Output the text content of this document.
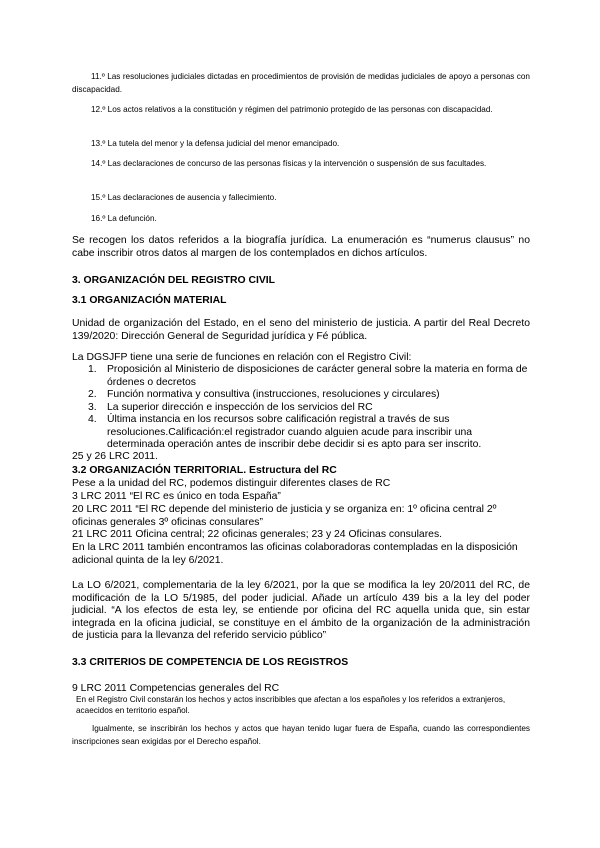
11.º Las resoluciones judiciales dictadas en procedimientos de provisión de medidas judiciales de apoyo a personas con discapacidad.

12.º Los actos relativos a la constitución y régimen del patrimonio protegido de las personas con discapacidad.

13.º La tutela del menor y la defensa judicial del menor emancipado.

14.º Las declaraciones de concurso de las personas físicas y la intervención o suspensión de sus facultades.

15.º Las declaraciones de ausencia y fallecimiento.

16.º La defunción.

Se recogen los datos referidos a la biografía jurídica. La enumeración es “numerus clausus” no cabe inscribir otros datos al margen de los contemplados en dichos artículos.

3. ORGANIZACIÓN DEL REGISTRO CIVIL

3.1 ORGANIZACIÓN MATERIAL

Unidad de organización del Estado, en el seno del ministerio de justicia. A partir del Real Decreto 139/2020: Dirección General de Seguridad jurídica y Fé pública.

La DGSJFP tiene una serie de funciones en relación con el Registro Civil:

1. Proposición al Ministerio de disposiciones de carácter general sobre la materia en forma de órdenes o decretos
2. Función normativa y consultiva (instrucciones, resoluciones y circulares)
3. La superior dirección e inspección de los servicios del RC
4. Última instancia en los recursos sobre calificación registral a través de sus resoluciones.Calificación:el registrador cuando alguien acude para inscribir una determinada operación antes de inscribir debe decidir si es apto para ser inscrito.

25 y 26 LRC 2011.

3.2 ORGANIZACIÓN TERRITORIAL. Estructura del RC

Pese a la unidad del RC, podemos distinguir diferentes clases de RC

3 LRC 2011 “El RC es único en toda España”

20 LRC 2011 “El RC depende del ministerio de justicia y se organiza en: 1º oficina central 2º oficinas generales 3º oficinas consulares”

21 LRC 2011 Oficina central; 22 oficinas generales; 23 y 24 Oficinas consulares.

En la LRC 2011 también encontramos las oficinas colaboradoras contempladas en la disposición adicional quinta de la ley 6/2021.

La LO 6/2021, complementaria de la ley 6/2021, por la que se modifica la ley 20/2011 del RC, de modificación de la LO 5/1985, del poder judicial. Añade un artículo 439 bis a la ley del poder judicial. “A los efectos de esta ley, se entiende por oficina del RC aquella unida que, sin estar integrada en la oficina judicial, se constituye en el ámbito de la organización de la administración de justicia para la llevanza del referido servicio público”

3.3 CRITERIOS DE COMPETENCIA DE LOS REGISTROS

9 LRC 2011 Competencias generales del RC

En el Registro Civil constarán los hechos y actos inscribibles que afectan a los españoles y los referidos a extranjeros, acaecidos en territorio español.

Igualmente, se inscribirán los hechos y actos que hayan tenido lugar fuera de España, cuando las correspondientes inscripciones sean exigidas por el Derecho español.
